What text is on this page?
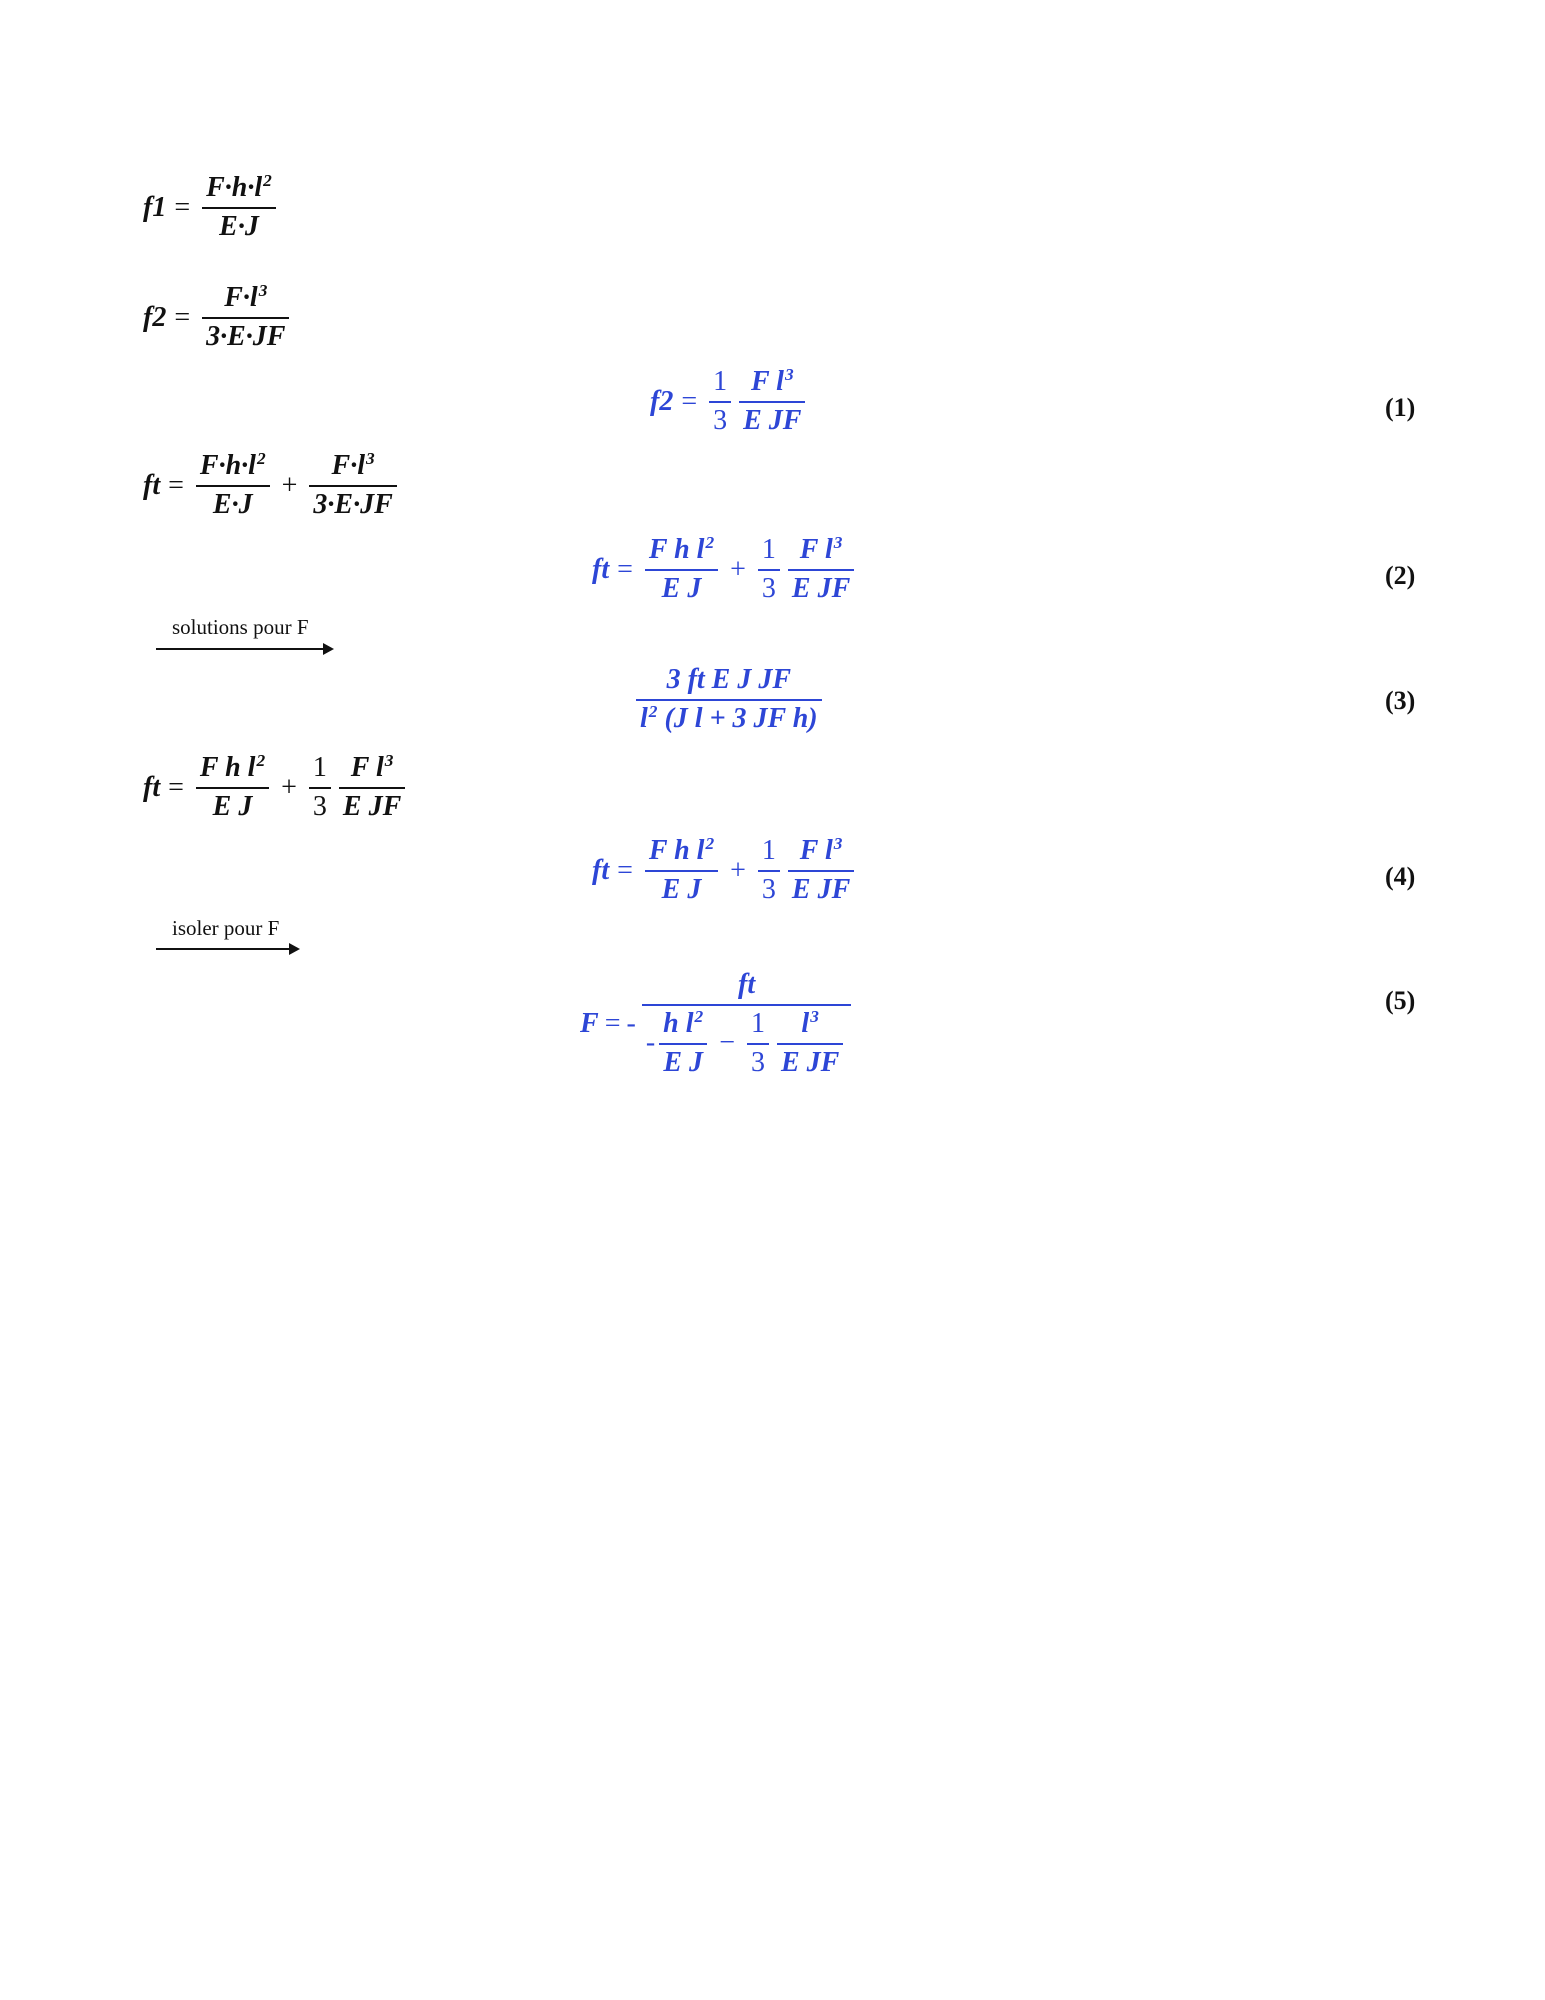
$f1 = \frac{F\cdot h\cdot l^2}{E\cdot J}$
$f2 = \frac{F\cdot l^3}{3\cdot E\cdot JF}$
ft = $\frac{F\cdot h\cdot l^2}{E\cdot J} + \frac{F\cdot l^3}{3\cdot E\cdot JF}$
solutions pour F
ft = $\frac{F h l^2}{\text{E J}} + \frac{1}{3} \frac{F l^3}{\text{E JF}}$
isoler pour F
$f2 = \frac{1}{3} \frac{F l^3}{\text{E JF}}$	(1)
ft = $\frac{F h l^2}{\text{E J}} + \frac{1}{3} \frac{F l^3}{\text{E JF}}$	(2)
$\frac{\text{3 ft E J JF}}{l^2 (J l + 3 JF h)}$	(3)
ft = $\frac{F h l^2}{\text{E J}} + \frac{1}{3} \frac{F l^3}{\text{E JF}}$	(4)
F = -
ft
- $\frac{h l^2}{\text{E J}} - \frac{1}{3} \frac{l^3}{\text{E JF}}$
(5)
